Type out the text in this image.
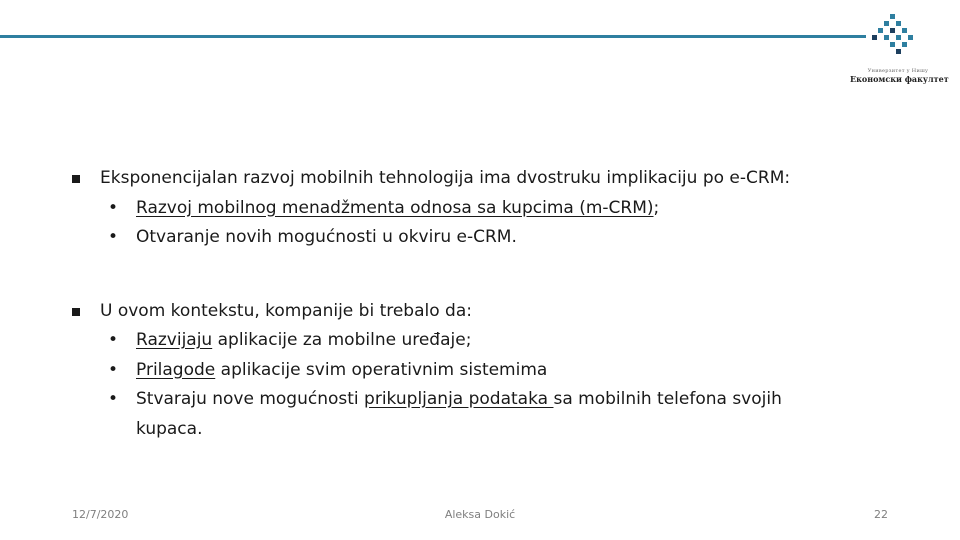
Универзитет у Нишу
Економски факултет
Eksponencijalan razvoj mobilnih tehnologija ima dvostruku implikaciju po e-CRM:
• Razvoj mobilnog menadžmenta odnosa sa kupcima (m-CRM);
• Otvaranje novih mogućnosti u okviru e-CRM.
U ovom kontekstu, kompanije bi trebalo da:
• Razvijaju aplikacije za mobilne uređaje;
• Prilagode aplikacije svim operativnim sistemima
• Stvaraju nove mogućnosti prikupljanja podataka sa mobilnih telefona svojih
kupaca.
12/7/2020	Aleksa Dokić	22
